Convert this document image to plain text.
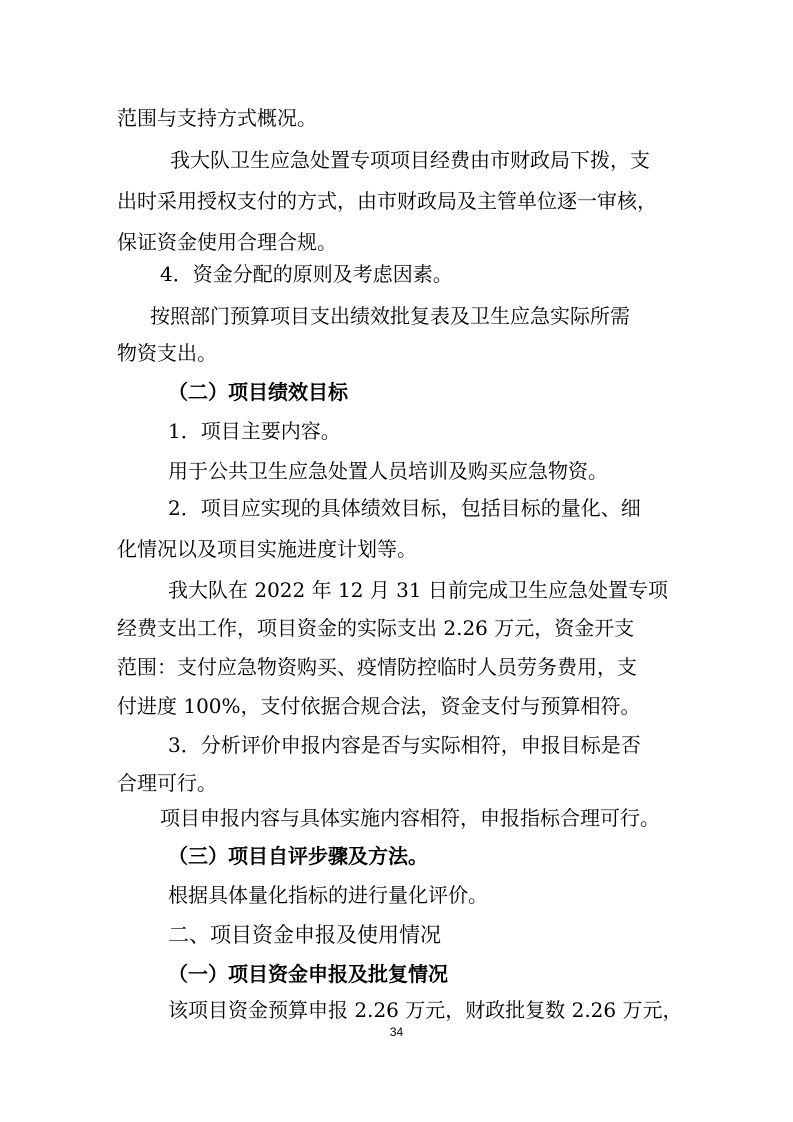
范围与支持方式概况。
我大队卫生应急处置专项项目经费由市财政局下拨，支
出时采用授权支付的方式，由市财政局及主管单位逐一审核，
保证资金使用合理合规。
4．资金分配的原则及考虑因素。
按照部门预算项目支出绩效批复表及卫生应急实际所需
物资支出。
（二）项目绩效目标
1．项目主要内容。
用于公共卫生应急处置人员培训及购买应急物资。
2．项目应实现的具体绩效目标，包括目标的量化、细
化情况以及项目实施进度计划等。
我大队在 2022 年 12 月 31 日前完成卫生应急处置专项
经费支出工作，项目资金的实际支出 2.26 万元，资金开支
范围：支付应急物资购买、疫情防控临时人员劳务费用，支
付进度 100%，支付依据合规合法，资金支付与预算相符。
3．分析评价申报内容是否与实际相符，申报目标是否
合理可行。
项目申报内容与具体实施内容相符，申报指标合理可行。
（三）项目自评步骤及方法。
根据具体量化指标的进行量化评价。
二、项目资金申报及使用情况
（一）项目资金申报及批复情况
该项目资金预算申报 2.26 万元，财政批复数 2.26 万元，
34
